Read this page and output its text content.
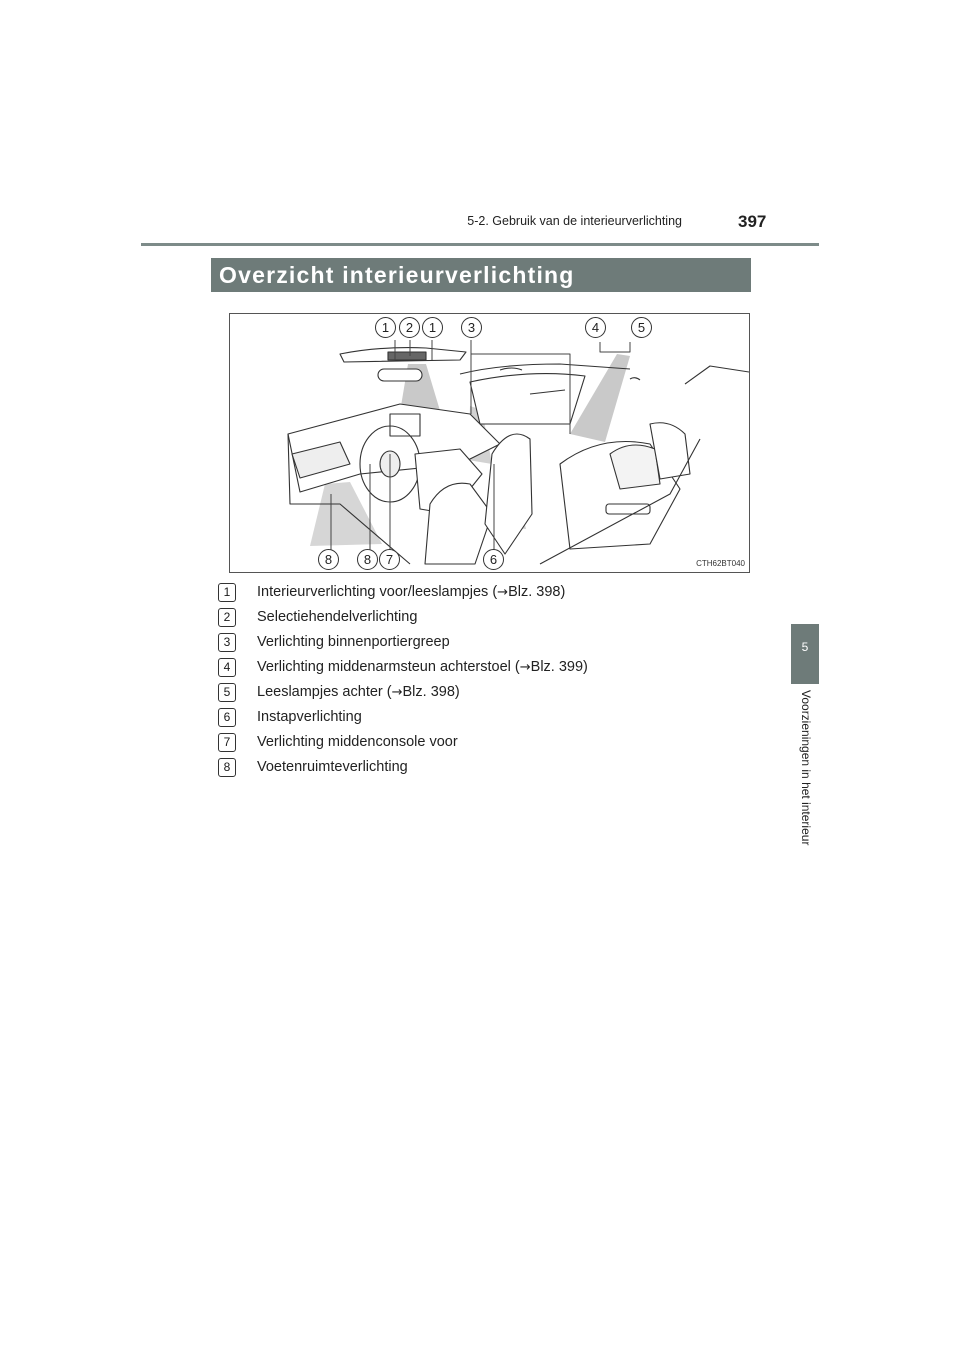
5-2. Gebruik van de interieurverlichting	397
Overzicht interieurverlichting
5
Voorzieningen in het interieur
1	2	1	3	4	5
8	8	7	6	CTH62BT040
1	Interieurverlichting voor/leeslampjes (→Blz. 398)
2	Selectiehendelverlichting
3	Verlichting binnenportiergreep
4	Verlichting middenarmsteun achterstoel (→Blz. 399)
5	Leeslampjes achter (→Blz. 398)
6	Instapverlichting
7	Verlichting middenconsole voor
8	Voetenruimteverlichting
